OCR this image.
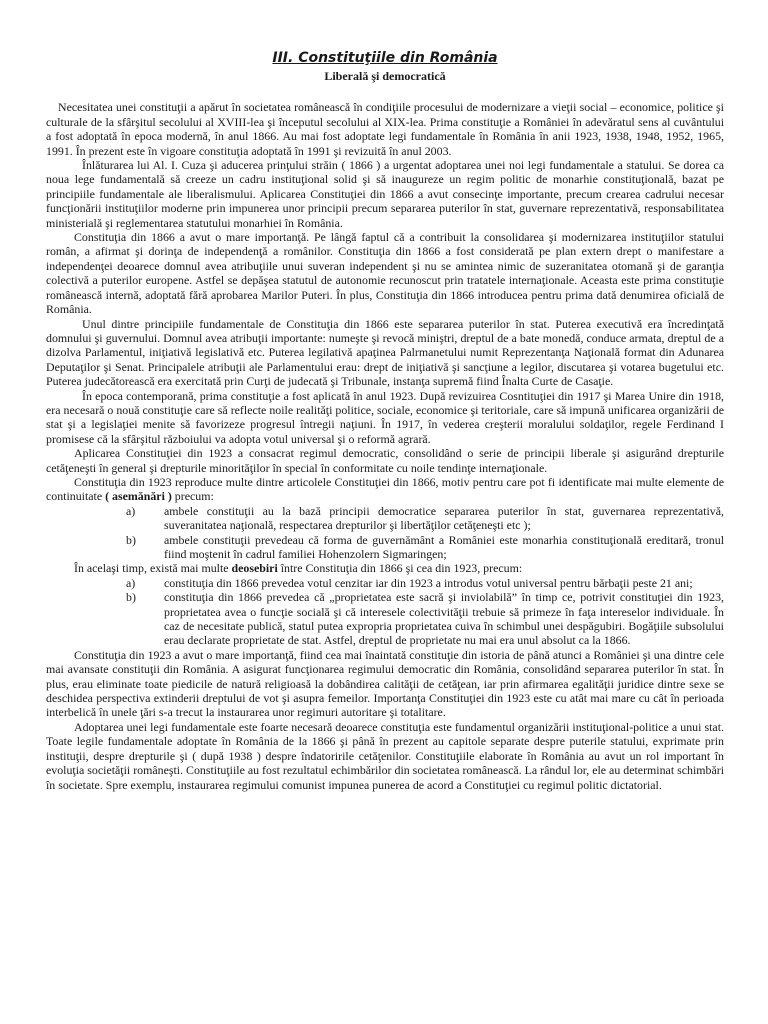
III. Constituţiile din România
Liberală şi democratică

Necesitatea unei constituţii a apărut în societatea românească în condiţiile procesului de modernizare a vieţii social – economice, politice şi culturale de la sfârşitul secolului al XVIII-lea şi începutul secolului al XIX-lea. Prima constituţie a României în adevăratul sens al cuvântului a fost adoptată în epoca modernă, în anul 1866. Au mai fost adoptate legi fundamentale în România în anii 1923, 1938, 1948, 1952, 1965, 1991. În prezent este în vigoare constituţia adoptată în 1991 şi revizuită în anul 2003.

Înlăturarea lui Al. I. Cuza şi aducerea prinţului străin ( 1866 ) a urgentat adoptarea unei noi legi fundamentale a statului. Se dorea ca noua lege fundamentală să creeze un cadru instituţional solid şi să inaugureze un regim politic de monarhie constituţională, bazat pe principiile fundamentale ale liberalismului. Aplicarea Constituţiei din 1866 a avut consecinţe importante, precum crearea cadrului necesar funcţionării instituţiilor moderne prin impunerea unor principii precum separarea puterilor în stat, guvernare reprezentativă, responsabilitatea ministerială şi reglementarea statutului monarhiei în România.

Constituţia din 1866 a avut o mare importanţă. Pe lângă faptul că a contribuit la consolidarea şi modernizarea instituţiilor statului român, a afirmat şi dorinţa de independenţă a românilor. Constituţia din 1866 a fost considerată pe plan extern drept o manifestare a independenţei deoarece domnul avea atribuţiile unui suveran independent şi nu se amintea nimic de suzeranitatea otomană şi de garanţia colectivă a puterilor europene. Astfel se depăşea statutul de autonomie recunoscut prin tratatele internaţionale. Aceasta este prima constituţie românească internă, adoptată fără aprobarea Marilor Puteri. În plus, Constituţia din 1866 introducea pentru prima dată denumirea oficială de România.

Unul dintre principiile fundamentale de Constituţia din 1866 este separarea puterilor în stat. Puterea executivă era încredinţată domnului şi guvernului. Domnul avea atribuţii importante: numeşte şi revocă miniştri, dreptul de a bate monedă, conduce armata, dreptul de a dizolva Parlamentul, iniţiativă legislativă etc. Puterea legilativă apaţinea Palrmanetului numit Reprezentanţa Naţională format din Adunarea Deputaţilor şi Senat. Principalele atribuţii ale Parlamentului erau: drept de iniţiativă şi sancţiune a legilor, discutarea şi votarea bugetului etc. Puterea judecătorească era exercitată prin Curţi de judecată şi Tribunale, instanţa supremă fiind Înalta Curte de Casaţie.

În epoca contemporană, prima constituţie a fost aplicată în anul 1923. După revizuirea Cosntituţiei din 1917 şi Marea Unire din 1918, era necesară o nouă constituţie care să reflecte noile realităţi politice, sociale, economice şi teritoriale, care să impună unificarea organizării de stat şi a legislaţiei menite să favorizeze progresul întregii naţiuni. În 1917, în vederea creşterii moralului soldaţilor, regele Ferdinand I promisese că la sfârşitul războiului va adopta votul universal şi o reformă agrară.

Aplicarea Constituţiei din 1923 a consacrat regimul democratic, consolidând o serie de principii liberale şi asigurând drepturile cetăţeneşti în general şi drepturile minorităţilor în special în conformitate cu noile tendinţe internaţionale.

Constituţia din 1923 reproduce multe dintre articolele Constituţiei din 1866, motiv pentru care pot fi identificate mai multe elemente de continuitate ( asemănări ) precum:

a) ambele constituţii au la bază principii democratice separarea puterilor în stat, guvernarea reprezentativă, suveranitatea naţională, respectarea drepturilor şi libertăţilor cetăţeneşti etc );
b) ambele constituţii prevedeau că forma de guvernământ a României este monarhia constituţională ereditară, tronul fiind moştenit în cadrul familiei Hohenzolern Sigmaringen;

În acelaşi timp, există mai multe deosebiri între Constituţia din 1866 şi cea din 1923, precum:

a) constituţia din 1866 prevedea votul cenzitar iar din 1923 a introdus votul universal pentru bărbaţii peste 21 ani;
b) constituţia din 1866 prevedea că „proprietatea este sacră şi inviolabilă” în timp ce, potrivit constituţiei din 1923, proprietatea avea o funcţie socială şi că interesele colectivităţii trebuie să primeze în faţa intereselor individuale. În caz de necesitate publică, statul putea expropria proprietatea cuiva în schimbul unei despăgubiri. Bogăţiile subsolului erau declarate proprietate de stat. Astfel, dreptul de proprietate nu mai era unul absolut ca la 1866.

Constituţia din 1923 a avut o mare importanţă, fiind cea mai înaintată constituţie din istoria de până atunci a României şi una dintre cele mai avansate constituţii din România. A asigurat funcţionarea regimului democratic din România, consolidând separarea puterilor în stat. În plus, erau eliminate toate piedicile de natură religioasă la dobândirea calităţii de cetăţean, iar prin afirmarea egalităţii juridice dintre sexe se deschidea perspectiva extinderii dreptului de vot şi asupra femeilor. Importanţa Constituţiei din 1923 este cu atât mai mare cu cât în perioada interbelică în unele ţări s-a trecut la instaurarea unor regimuri autoritare şi totalitare.

Adoptarea unei legi fundamentale este foarte necesară deoarece constituţia este fundamentul organizării instituţional-politice a unui stat. Toate legile fundamentale adoptate în România de la 1866 şi până în prezent au capitole separate despre puterile statului, exprimate prin instituţii, despre drepturile şi ( după 1938 ) despre îndatoririle cetăţenilor. Constituţiile elaborate în România au avut un rol important în evoluţia societăţii româneşti. Constituţiile au fost rezultatul echimbărilor din societatea românească. La rândul lor, ele au determinat schimbări în societate. Spre exemplu, instaurarea regimului comunist impunea punerea de acord a Constituţiei cu regimul politic dictatorial.
